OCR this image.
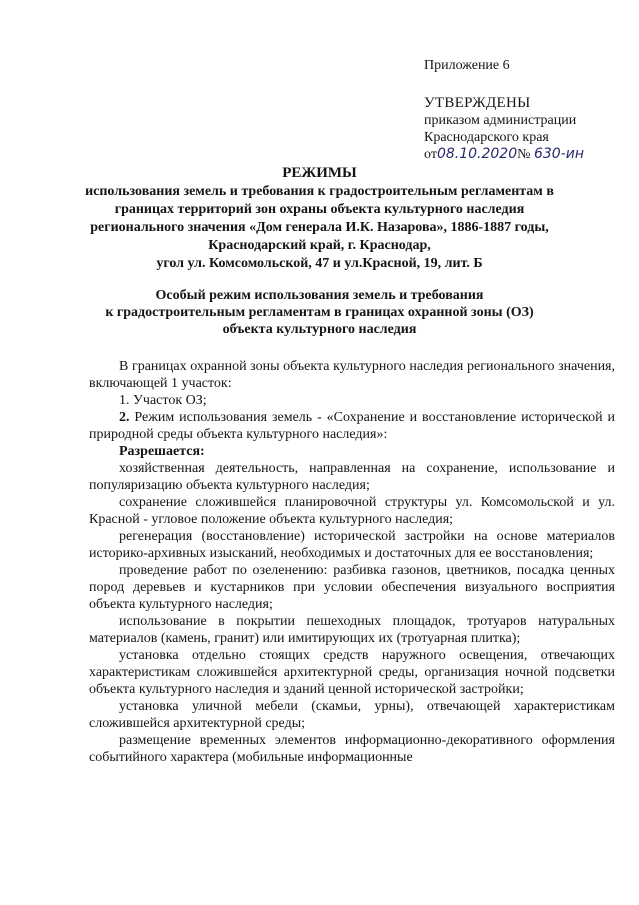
Приложение 6
УТВЕРЖДЕНЫ
приказом администрации
Краснодарского края
от08.10.2020№ 630-ин
РЕЖИМЫ
использования земель и требования к градостроительным регламентам в
границах территорий зон охраны объекта культурного наследия
регионального значения «Дом генерала И.К. Назарова», 1886-1887 годы,
Краснодарский край, г. Краснодар,
угол ул. Комсомольской, 47 и ул.Красной, 19, лит. Б
Особый режим использования земель и требования
к градостроительным регламентам в границах охранной зоны (ОЗ)
объекта культурного наследия

В границах охранной зоны объекта культурного наследия регионального значения, включающей 1 участок:

1. Участок ОЗ;

2. Режим использования земель - «Сохранение и восстановление исторической и природной среды объекта культурного наследия»:

Разрешается:

хозяйственная деятельность, направленная на сохранение, использование и популяризацию объекта культурного наследия;

сохранение сложившейся планировочной структуры ул. Комсомольской и ул. Красной - угловое положение объекта культурного наследия;

регенерация (восстановление) исторической застройки на основе материалов историко-архивных изысканий, необходимых и достаточных для ее восстановления;

проведение работ по озеленению: разбивка газонов, цветников, посадка ценных пород деревьев и кустарников при условии обеспечения визуального восприятия объекта культурного наследия;

использование в покрытии пешеходных площадок, тротуаров натуральных материалов (камень, гранит) или имитирующих их (тротуарная плитка);

установка отдельно стоящих средств наружного освещения, отвечающих характеристикам сложившейся архитектурной среды, организация ночной подсветки объекта культурного наследия и зданий ценной исторической застройки;

установка уличной мебели (скамьи, урны), отвечающей характеристикам сложившейся архитектурной среды;

размещение временных элементов информационно-декоративного оформления событийного характера (мобильные информационные
